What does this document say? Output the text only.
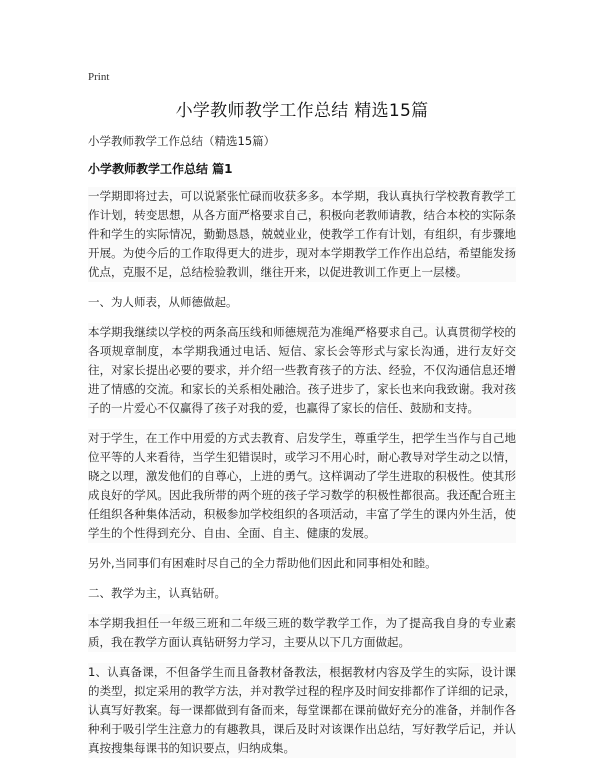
Print
小学教师教学工作总结 精选15篇
小学教师教学工作总结（精选15篇）
小学教师教学工作总结 篇1

一学期即将过去，可以说紧张忙碌而收获多多。本学期，我认真执行学校教育教学工作计划，转变思想，从各方面严格要求自己，积极向老教师请教，结合本校的实际条件和学生的实际情况，勤勤恳恳，兢兢业业，使教学工作有计划，有组织，有步骤地开展。为使今后的工作取得更大的进步，现对本学期教学工作作出总结，希望能发扬优点，克服不足，总结检验教训，继往开来，以促进教训工作更上一层楼。

一、为人师表，从师德做起。

本学期我继续以学校的两条高压线和师德规范为准绳严格要求自己。认真贯彻学校的各项规章制度，本学期我通过电话、短信、家长会等形式与家长沟通，进行友好交往，对家长提出必要的要求，并介绍一些教育孩子的方法、经验，不仅沟通信息还增进了情感的交流。和家长的关系相处融洽。孩子进步了，家长也来向我致谢。我对孩子的一片爱心不仅赢得了孩子对我的爱，也赢得了家长的信任、鼓励和支持。

对于学生，在工作中用爱的方式去教育、启发学生，尊重学生，把学生当作与自己地位平等的人来看待，当学生犯错误时，或学习不用心时，耐心教导对学生动之以情，晓之以理，激发他们的自尊心，上进的勇气。这样调动了学生进取的积极性。使其形成良好的学风。因此我所带的两个班的孩子学习数学的积极性都很高。我还配合班主任组织各种集体活动，积极参加学校组织的各项活动，丰富了学生的课内外生活，使学生的个性得到充分、自由、全面、自主、健康的发展。

另外,当同事们有困难时尽自己的全力帮助他们因此和同事相处和睦。

二、教学为主，认真钻研。

本学期我担任一年级三班和二年级三班的数学教学工作，为了提高我自身的专业素质，我在教学方面认真钻研努力学习，主要从以下几方面做起。

1、认真备课，不但备学生而且备教材备教法，根据教材内容及学生的实际，设计课的类型，拟定采用的教学方法，并对教学过程的程序及时间安排都作了详细的记录，认真写好教案。每一课都做到有备而来，每堂课都在课前做好充分的准备，并制作各种利于吸引学生注意力的有趣教具，课后及时对该课作出总结，写好教学后记，并认真按搜集每课书的知识要点，归纳成集。
